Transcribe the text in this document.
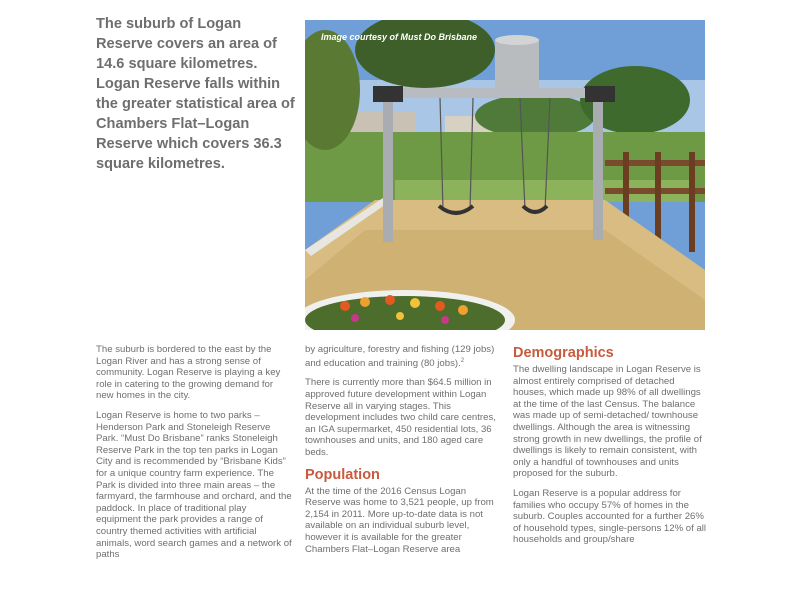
The suburb of Logan Reserve covers an area of 14.6 square kilometres. Logan Reserve falls within the greater statistical area of Chambers Flat–Logan Reserve which covers 36.3 square kilometres.
Image courtesy of Must Do Brisbane

The suburb is bordered to the east by the Logan River and has a strong sense of community. Logan Reserve is playing a key role in catering to the growing demand for new homes in the city.

Logan Reserve is home to two parks – Henderson Park and Stoneleigh Reserve Park. “Must Do Brisbane” ranks Stoneleigh Reserve Park in the top ten parks in Logan City and is recommended by “Brisbane Kids” for a unique country farm experience. The Park is divided into three main areas – the farmyard, the farmhouse and orchard, and the paddock. In place of traditional play equipment the park provides a range of country themed activities with artificial animals, word search games and a network of paths

by agriculture, forestry and fishing (129 jobs) and education and training (80 jobs).$^2$

There is currently more than $64.5 million in approved future development within Logan Reserve all in varying stages. This development includes two child care centres, an IGA supermarket, 450 residential lots, 36 townhouses and units, and 180 aged care beds.

Population

At the time of the 2016 Census Logan Reserve was home to 3,521 people, up from 2,154 in 2011. More up-to-date data is not available on an individual suburb level, however it is available for the greater Chambers Flat–Logan Reserve area

Demographics

The dwelling landscape in Logan Reserve is almost entirely comprised of detached houses, which made up 98% of all dwellings at the time of the last Census. The balance was made up of semi-detached/ townhouse dwellings. Although the area is witnessing strong growth in new dwellings, the profile of dwellings is likely to remain consistent, with only a handful of townhouses and units proposed for the suburb.

Logan Reserve is a popular address for families who occupy 57% of homes in the suburb. Couples accounted for a further 26% of household types, single-persons 12% of all households and group/share
